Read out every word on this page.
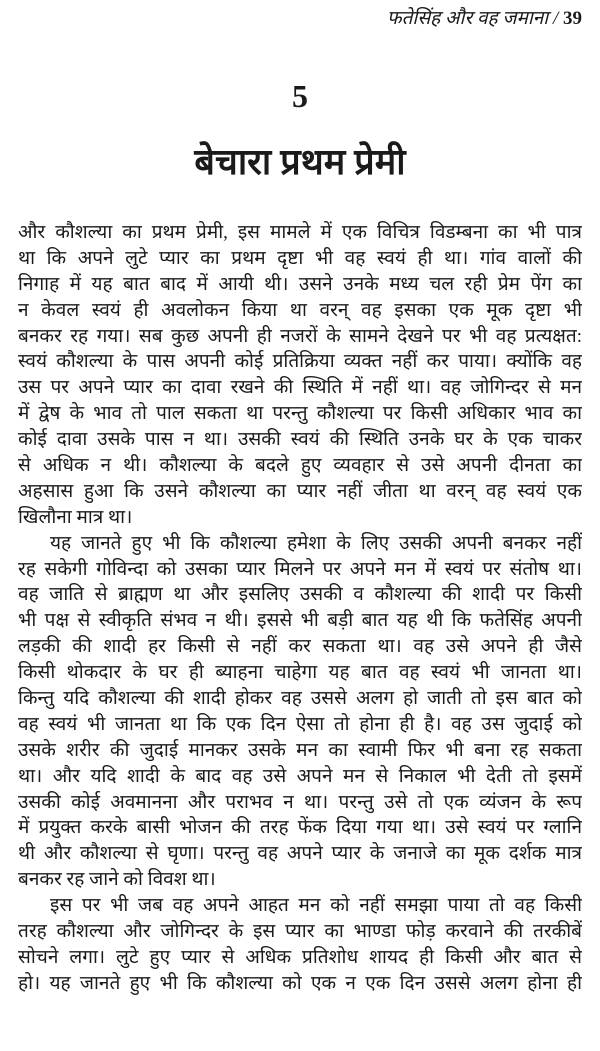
फतेसिंह और वह जमाना / 39
5
बेचारा प्रथम प्रेमी
और कौशल्या का प्रथम प्रेमी, इस मामले में एक विचित्र विडम्बना का भी पात्र
था कि अपने लुटे प्यार का प्रथम दृष्टा भी वह स्वयं ही था। गांव वालों की
निगाह में यह बात बाद में आयी थी। उसने उनके मध्य चल रही प्रेम पेंग का
न केवल स्वयं ही अवलोकन किया था वरन् वह इसका एक मूक दृष्टा भी
बनकर रह गया। सब कुछ अपनी ही नजरों के सामने देखने पर भी वह प्रत्यक्षत:
स्वयं कौशल्या के पास अपनी कोई प्रतिक्रिया व्यक्त नहीं कर पाया। क्योंकि वह
उस पर अपने प्यार का दावा रखने की स्थिति में नहीं था। वह जोगिन्दर से मन
में द्वेष के भाव तो पाल सकता था परन्तु कौशल्या पर किसी अधिकार भाव का
कोई दावा उसके पास न था। उसकी स्वयं की स्थिति उनके घर के एक चाकर
से अधिक न थी। कौशल्या के बदले हुए व्यवहार से उसे अपनी दीनता का
अहसास हुआ कि उसने कौशल्या का प्यार नहीं जीता था वरन् वह स्वयं एक
खिलौना मात्र था।
यह जानते हुए भी कि कौशल्या हमेशा के लिए उसकी अपनी बनकर नहीं
रह सकेगी गोविन्दा को उसका प्यार मिलने पर अपने मन में स्वयं पर संतोष था।
वह जाति से ब्राह्मण था और इसलिए उसकी व कौशल्या की शादी पर किसी
भी पक्ष से स्वीकृति संभव न थी। इससे भी बड़ी बात यह थी कि फतेसिंह अपनी
लड़की की शादी हर किसी से नहीं कर सकता था। वह उसे अपने ही जैसे
किसी थोकदार के घर ही ब्याहना चाहेगा यह बात वह स्वयं भी जानता था।
किन्तु यदि कौशल्या की शादी होकर वह उससे अलग हो जाती तो इस बात को
वह स्वयं भी जानता था कि एक दिन ऐसा तो होना ही है। वह उस जुदाई को
उसके शरीर की जुदाई मानकर उसके मन का स्वामी फिर भी बना रह सकता
था। और यदि शादी के बाद वह उसे अपने मन से निकाल भी देती तो इसमें
उसकी कोई अवमानना और पराभव न था। परन्तु उसे तो एक व्यंजन के रूप
में प्रयुक्त करके बासी भोजन की तरह फेंक दिया गया था। उसे स्वयं पर ग्लानि
थी और कौशल्या से घृणा। परन्तु वह अपने प्यार के जनाजे का मूक दर्शक मात्र
बनकर रह जाने को विवश था।
इस पर भी जब वह अपने आहत मन को नहीं समझा पाया तो वह किसी
तरह कौशल्या और जोगिन्दर के इस प्यार का भाण्डा फोड़ करवाने की तरकीबें
सोचने लगा। लुटे हुए प्यार से अधिक प्रतिशोध शायद ही किसी और बात से
हो। यह जानते हुए भी कि कौशल्या को एक न एक दिन उससे अलग होना ही
